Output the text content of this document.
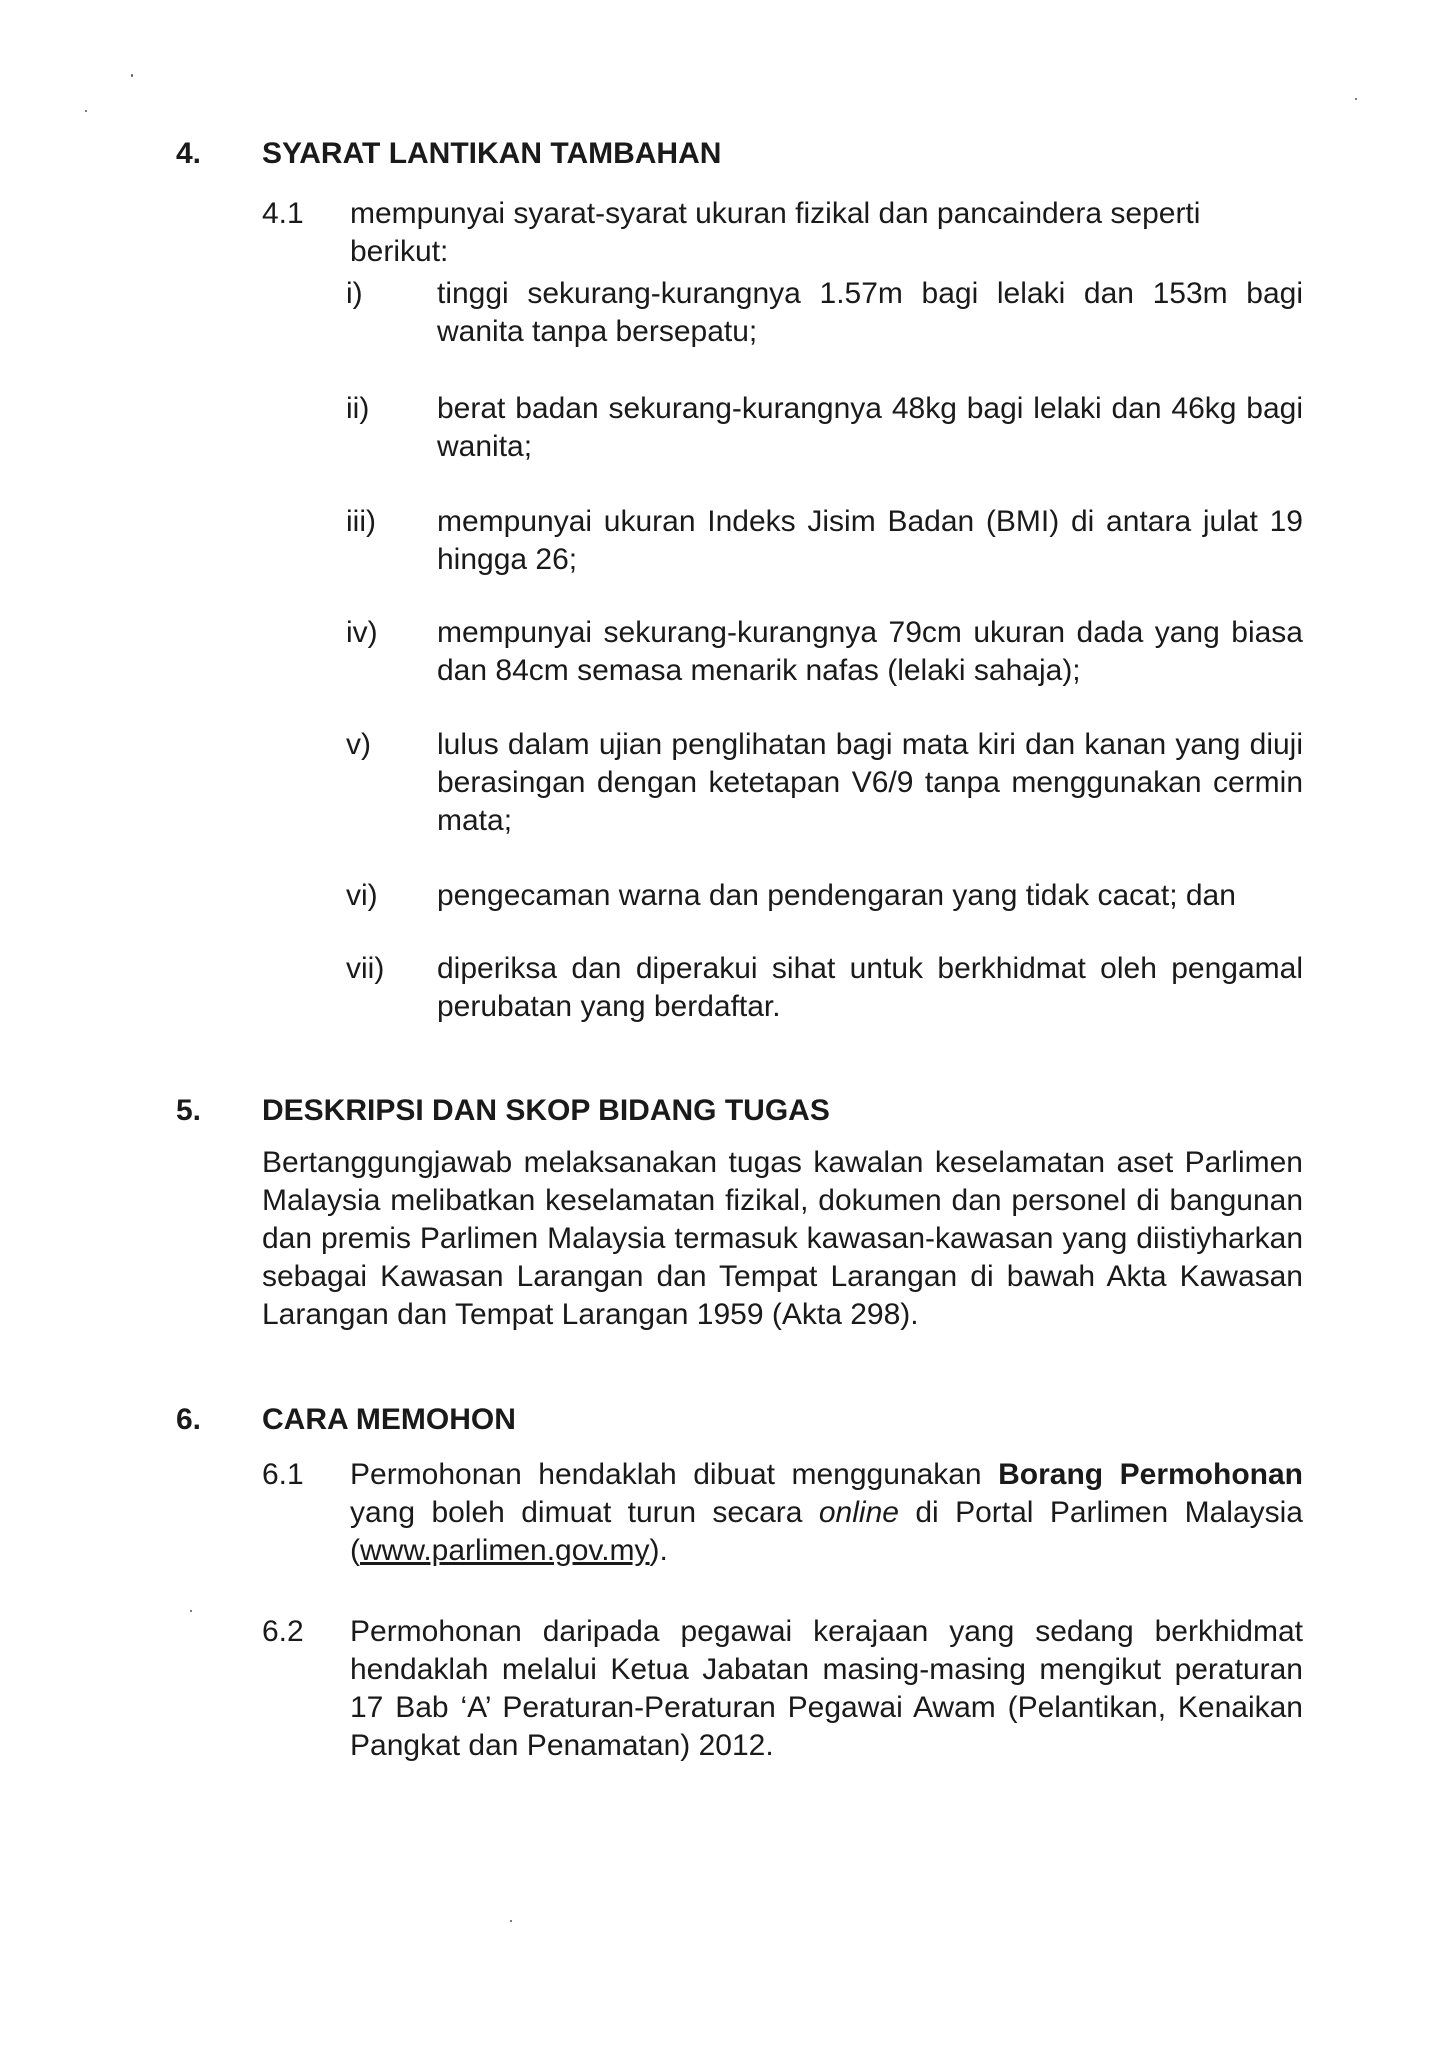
4. SYARAT LANTIKAN TAMBAHAN
4.1 mempunyai syarat-syarat ukuran fizikal dan pancaindera seperti berikut:
i) tinggi sekurang-kurangnya 1.57m bagi lelaki dan 153m bagi wanita tanpa bersepatu;
ii) berat badan sekurang-kurangnya 48kg bagi lelaki dan 46kg bagi wanita;
iii) mempunyai ukuran Indeks Jisim Badan (BMI) di antara julat 19 hingga 26;
iv) mempunyai sekurang-kurangnya 79cm ukuran dada yang biasa dan 84cm semasa menarik nafas (lelaki sahaja);
v) lulus dalam ujian penglihatan bagi mata kiri dan kanan yang diuji berasingan dengan ketetapan V6/9 tanpa menggunakan cermin mata;
vi) pengecaman warna dan pendengaran yang tidak cacat; dan
vii) diperiksa dan diperakui sihat untuk berkhidmat oleh pengamal perubatan yang berdaftar.
5. DESKRIPSI DAN SKOP BIDANG TUGAS
Bertanggungjawab melaksanakan tugas kawalan keselamatan aset Parlimen Malaysia melibatkan keselamatan fizikal, dokumen dan personel di bangunan dan premis Parlimen Malaysia termasuk kawasan-kawasan yang diistiyharkan sebagai Kawasan Larangan dan Tempat Larangan di bawah Akta Kawasan Larangan dan Tempat Larangan 1959 (Akta 298).
6. CARA MEMOHON
6.1 Permohonan hendaklah dibuat menggunakan Borang Permohonan yang boleh dimuat turun secara online di Portal Parlimen Malaysia (www.parlimen.gov.my).
6.2 Permohonan daripada pegawai kerajaan yang sedang berkhidmat hendaklah melalui Ketua Jabatan masing-masing mengikut peraturan 17 Bab ‘A’ Peraturan-Peraturan Pegawai Awam (Pelantikan, Kenaikan Pangkat dan Penamatan) 2012.
